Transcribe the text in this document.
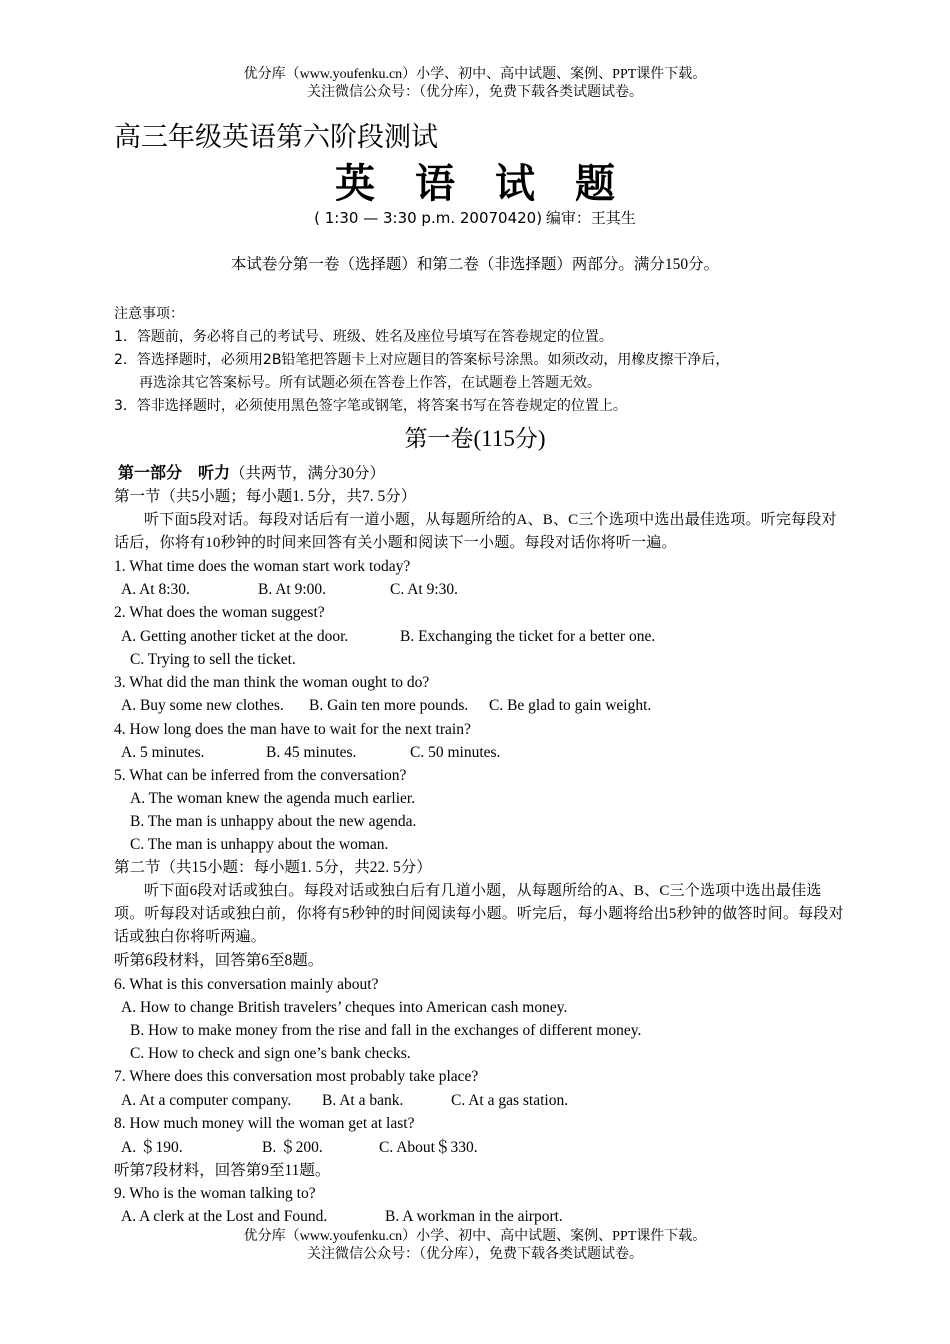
优分库（www.youfenku.cn）小学、初中、高中试题、案例、PPT课件下载。
关注微信公众号：（优分库），免费下载各类试题试卷。
高三年级英语第六阶段测试
英　语　试　题
( 1:30 — 3:30 p.m. 20070420) 编审：王其生
本试卷分第一卷（选择题）和第二卷（非选择题）两部分。满分150分。
注意事项：
1．答题前，务必将自己的考试号、班级、姓名及座位号填写在答卷规定的位置。
2．答选择题时，必须用2B铅笔把答题卡上对应题目的答案标号涂黑。如须改动，用橡皮擦干净后，
再选涂其它答案标号。所有试题必须在答卷上作答，在试题卷上答题无效。
3．答非选择题时，必须使用黑色签字笔或钢笔，将答案书写在答卷规定的位置上。
第一卷(115分)
第一部分　听力（共两节，满分30分）
第一节（共5小题；每小题1. 5分，共7. 5分）
听下面5段对话。每段对话后有一道小题，从每题所给的A、B、C三个选项中选出最佳选项。听完每段对话后，你将有10秒钟的时间来回答有关小题和阅读下一小题。每段对话你将听一遍。
1. What time does the woman start work today?
A. At 8:30.	B. At 9:00.	C. At 9:30.
2. What does the woman suggest?
A. Getting another ticket at the door.	B. Exchanging the ticket for a better one.
C. Trying to sell the ticket.
3. What did the man think the woman ought to do?
A. Buy some new clothes. B. Gain ten more pounds. C. Be glad to gain weight.
4. How long does the man have to wait for the next train?
A. 5 minutes.	B. 45 minutes.	C. 50 minutes.
5. What can be inferred from the conversation?
A. The woman knew the agenda much earlier.
B. The man is unhappy about the new agenda.
C. The man is unhappy about the woman.
第二节（共15小题：每小题1. 5分，共22. 5分）
听下面6段对话或独白。每段对话或独白后有几道小题，从每题所给的A、B、C三个选项中选出最佳选项。听每段对话或独白前，你将有5秒钟的时间阅读每小题。听完后，每小题将给出5秒钟的做答时间。每段对话或独白你将听两遍。
听第6段材料，回答第6至8题。
6. What is this conversation mainly about?
A. How to change British travelers’ cheques into American cash money.
B. How to make money from the rise and fall in the exchanges of different money.
C. How to check and sign one’s bank checks.
7. Where does this conversation most probably take place?
A. At a computer company. B. At a bank.	C. At a gas station.
8. How much money will the woman get at last?
A. ＄190.	B. ＄200.	C. About＄330.
听第7段材料，回答第9至11题。
9. Who is the woman talking to?
A. A clerk at the Lost and Found.	B. A workman in the airport.
优分库（www.youfenku.cn）小学、初中、高中试题、案例、PPT课件下载。
关注微信公众号：（优分库），免费下载各类试题试卷。
